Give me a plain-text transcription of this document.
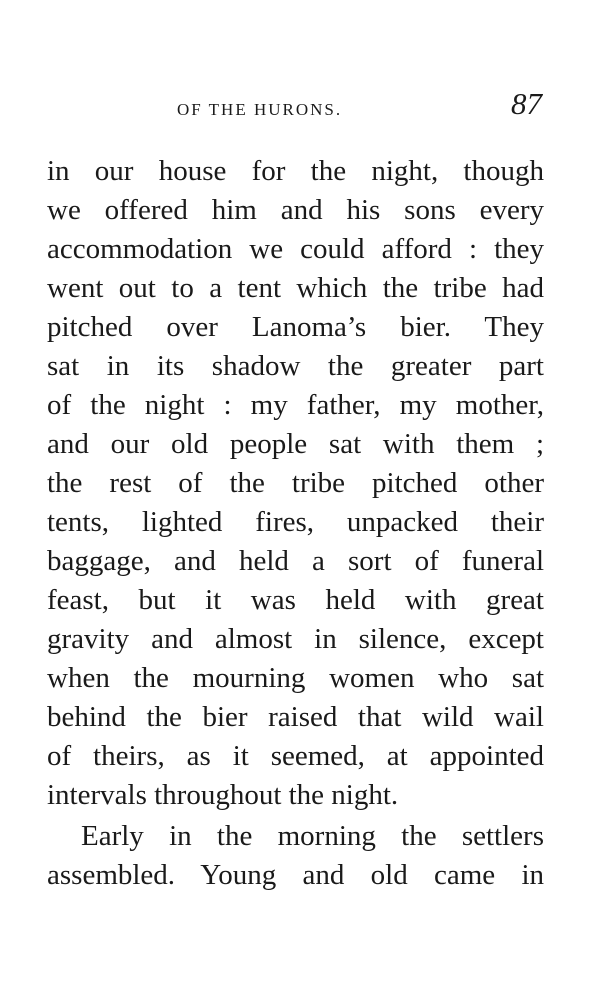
OF THE HURONS.	87
in our house for the night, though
we offered him and his sons every
accommodation we could afford : they
went out to a tent which the tribe had
pitched over Lanoma’s bier. They
sat in its shadow the greater part
of the night : my father, my mother,
and our old people sat with them ;
the rest of the tribe pitched other
tents, lighted fires, unpacked their
baggage, and held a sort of funeral
feast, but it was held with great
gravity and almost in silence, except
when the mourning women who sat
behind the bier raised that wild wail
of theirs, as it seemed, at appointed
intervals throughout the night.
Early in the morning the settlers
assembled. Young and old came in
